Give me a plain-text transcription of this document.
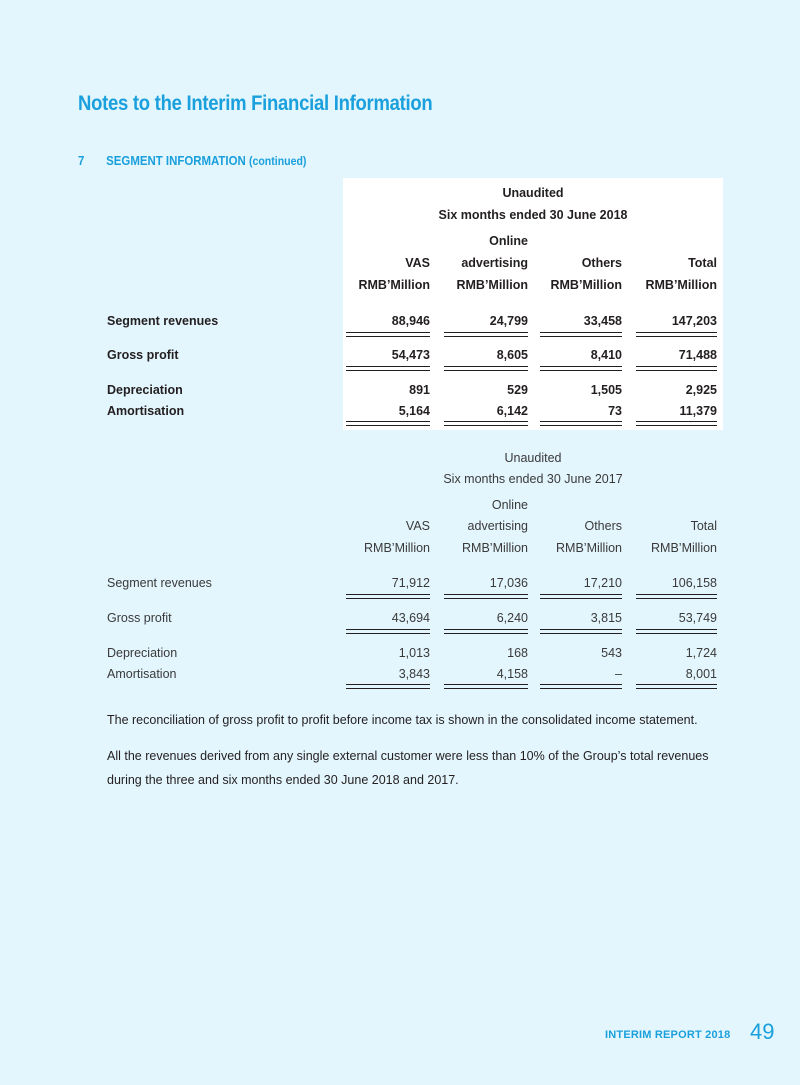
Notes to the Interim Financial Information
7 SEGMENT INFORMATION (continued)
Unaudited
Six months ended 30 June 2018
Online
VAS	advertising	Others	Total
RMB’Million	RMB’Million	RMB’Million	RMB’Million
Segment revenues	88,946	24,799	33,458	147,203
Gross profit	54,473	8,605	8,410	71,488
Depreciation	891	529	1,505	2,925
Amortisation	5,164	6,142	73	11,379
Unaudited
Six months ended 30 June 2017
Online
VAS	advertising	Others	Total
RMB’Million	RMB’Million	RMB’Million	RMB’Million
Segment revenues	71,912	17,036	17,210	106,158
Gross profit	43,694	6,240	3,815	53,749
Depreciation	1,013	168	543	1,724
Amortisation	3,843	4,158	–	8,001
The reconciliation of gross profit to profit before income tax is shown in the consolidated income statement.
All the revenues derived from any single external customer were less than 10% of the Group’s total revenues during the three and six months ended 30 June 2018 and 2017.
INTERIM REPORT 2018 49
